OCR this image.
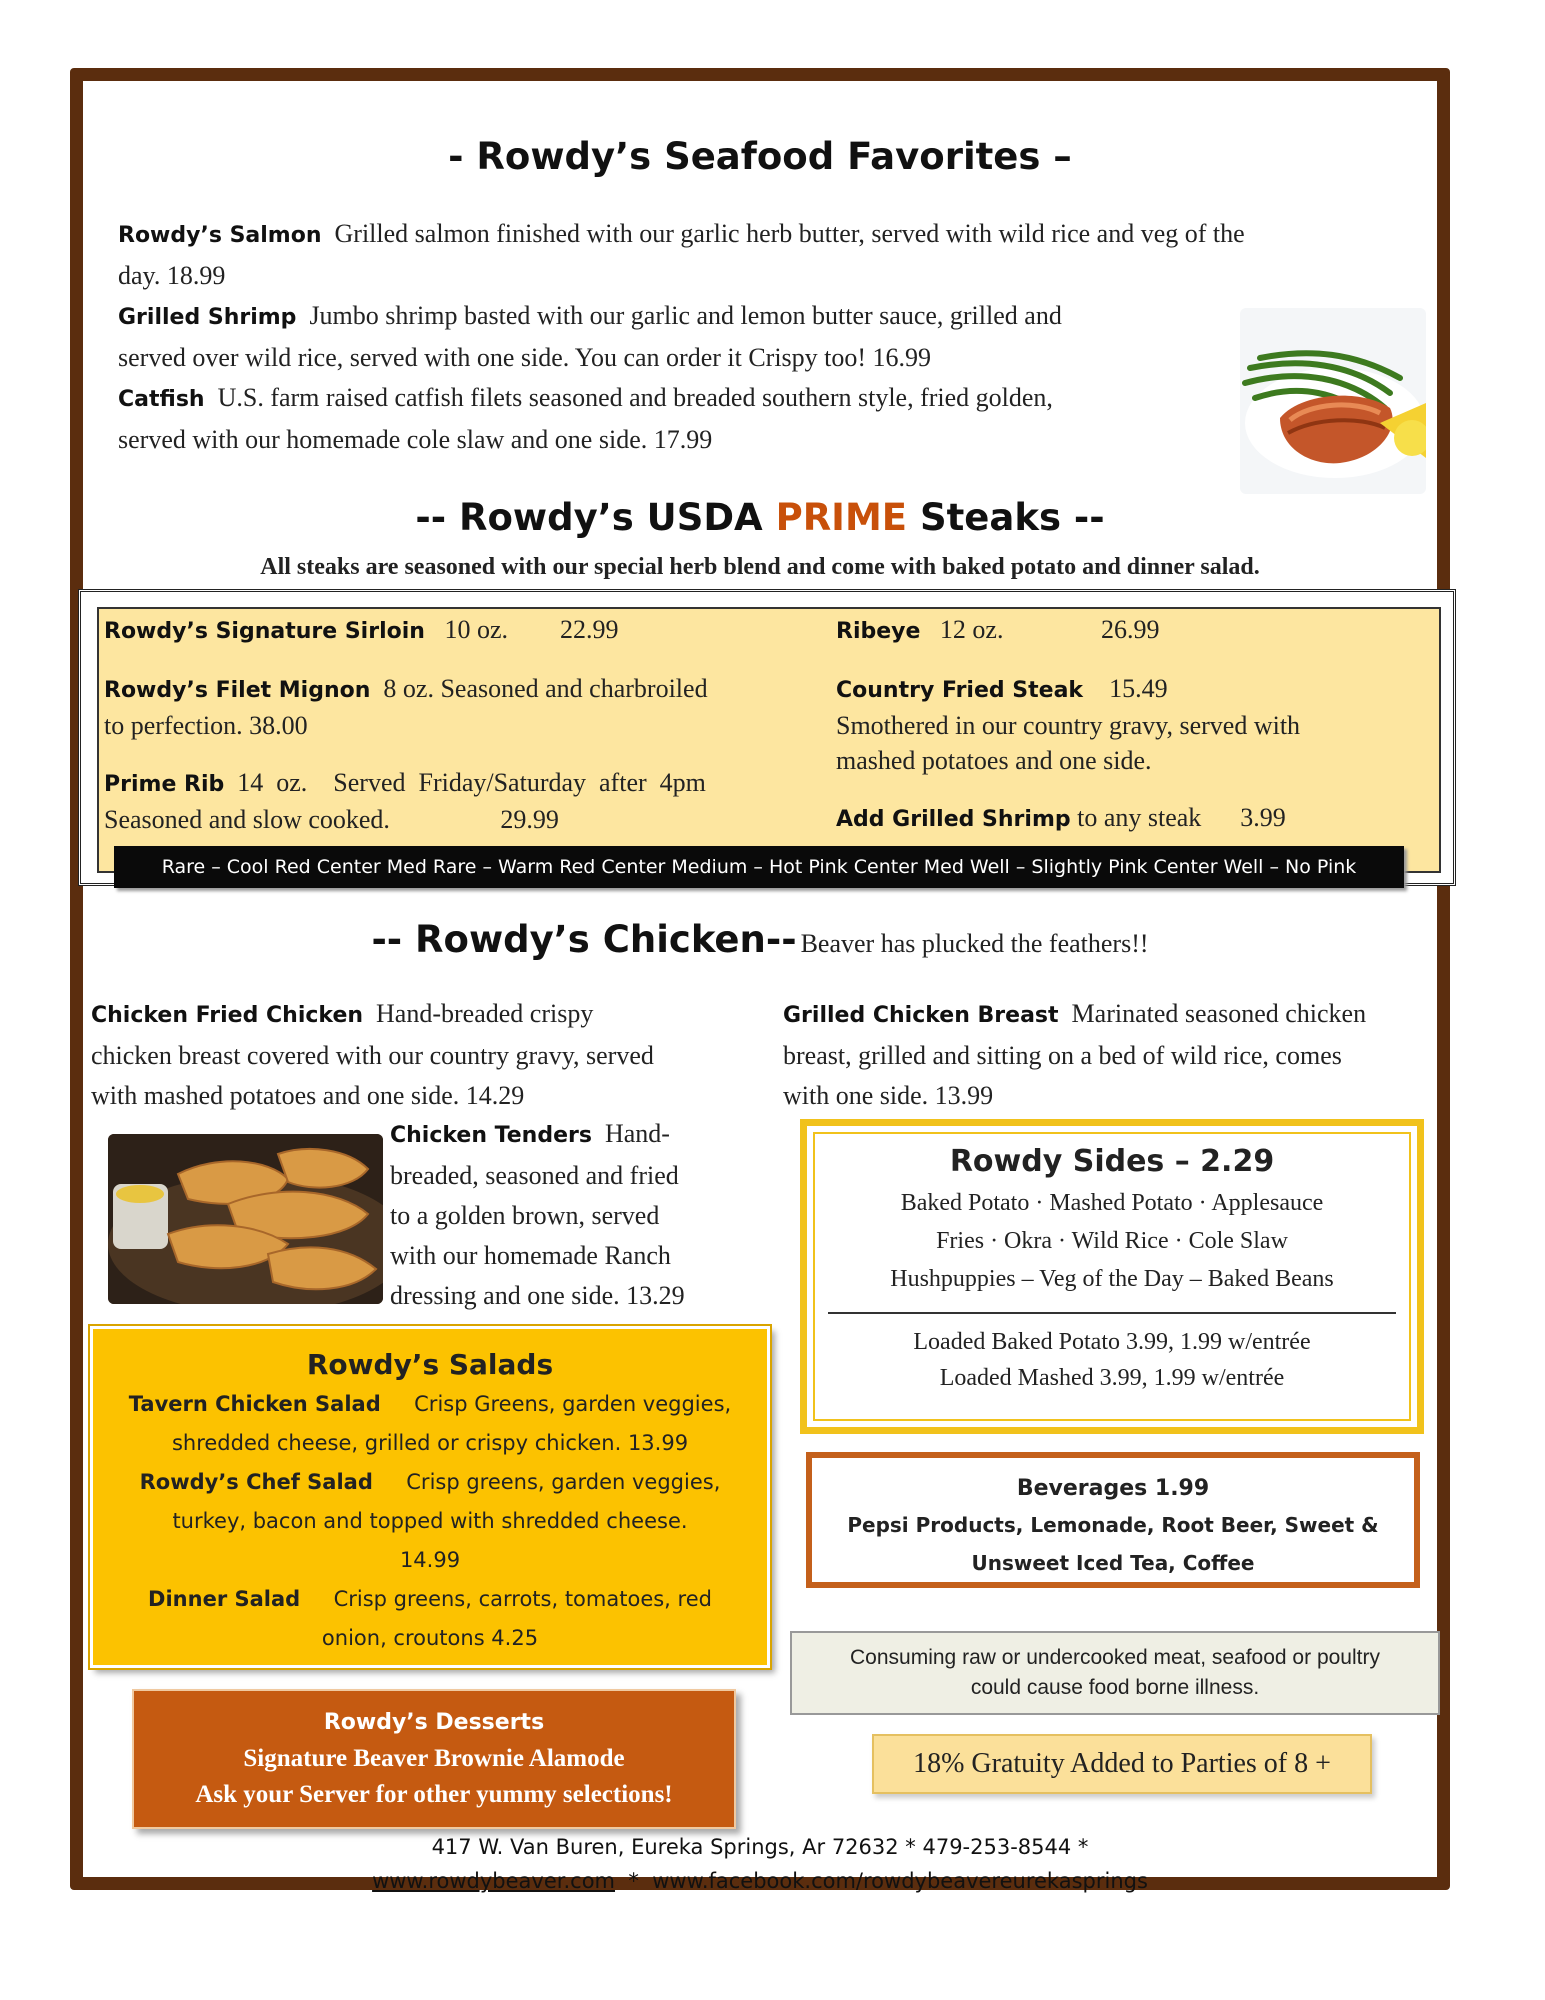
- Rowdy’s Seafood Favorites –
Rowdy’s Salmon Grilled salmon finished with our garlic herb butter, served with wild rice and veg of the
day. 18.99
Grilled Shrimp Jumbo shrimp basted with our garlic and lemon butter sauce, grilled and
served over wild rice, served with one side. You can order it Crispy too! 16.99
Catfish U.S. farm raised catfish filets seasoned and breaded southern style, fried golden,
served with our homemade cole slaw and one side. 17.99
-- Rowdy’s USDA PRIME Steaks --
All steaks are seasoned with our special herb blend and come with baked potato and dinner salad.
Rowdy’s Signature Sirloin 10 oz. 22.99
Rowdy’s Filet Mignon 8 oz. Seasoned and charbroiled
to perfection. 38.00
Prime Rib 14  oz.    Served  Friday/Saturday  after  4pm
Seasoned and slow cooked.                 29.99
Ribeye 12 oz.	26.99
Country Fried Steak 15.49
Smothered in our country gravy, served with
mashed potatoes and one side.
Add Grilled Shrimp to any steak 3.99
Rare – Cool Red Center Med Rare – Warm Red Center Medium – Hot Pink Center Med Well – Slightly Pink Center Well – No Pink
-- Rowdy’s Chicken-- Beaver has plucked the feathers!!
Chicken Fried Chicken Hand-breaded crispy
chicken breast covered with our country gravy, served
with mashed potatoes and one side. 14.29
Grilled Chicken Breast Marinated seasoned chicken
breast, grilled and sitting on a bed of wild rice, comes
with one side. 13.99
Chicken Tenders Hand-
breaded, seasoned and fried
to a golden brown, served
with our homemade Ranch
dressing and one side. 13.29
Rowdy’s Salads
Tavern Chicken Salad Crisp Greens, garden veggies,
shredded cheese, grilled or crispy chicken. 13.99
Rowdy’s Chef Salad Crisp greens, garden veggies,
turkey, bacon and topped with shredded cheese.
14.99
Dinner Salad Crisp greens, carrots, tomatoes, red
onion, croutons 4.25
Rowdy Sides – 2.29
Baked Potato · Mashed Potato · Applesauce
Fries · Okra · Wild Rice · Cole Slaw
Hushpuppies – Veg of the Day – Baked Beans
Loaded Baked Potato 3.99, 1.99 w/entrée
Loaded Mashed 3.99, 1.99 w/entrée
Beverages 1.99
Pepsi Products, Lemonade, Root Beer, Sweet &
Unsweet Iced Tea, Coffee
Consuming raw or undercooked meat, seafood or poultry
could cause food borne illness.
18% Gratuity Added to Parties of 8 +
Rowdy’s Desserts
Signature Beaver Brownie Alamode
Ask your Server for other yummy selections!
417 W. Van Buren, Eureka Springs, Ar 72632 * 479-253-8544 *
www.rowdybeaver.com  *  www.facebook.com/rowdybeavereurekasprings
